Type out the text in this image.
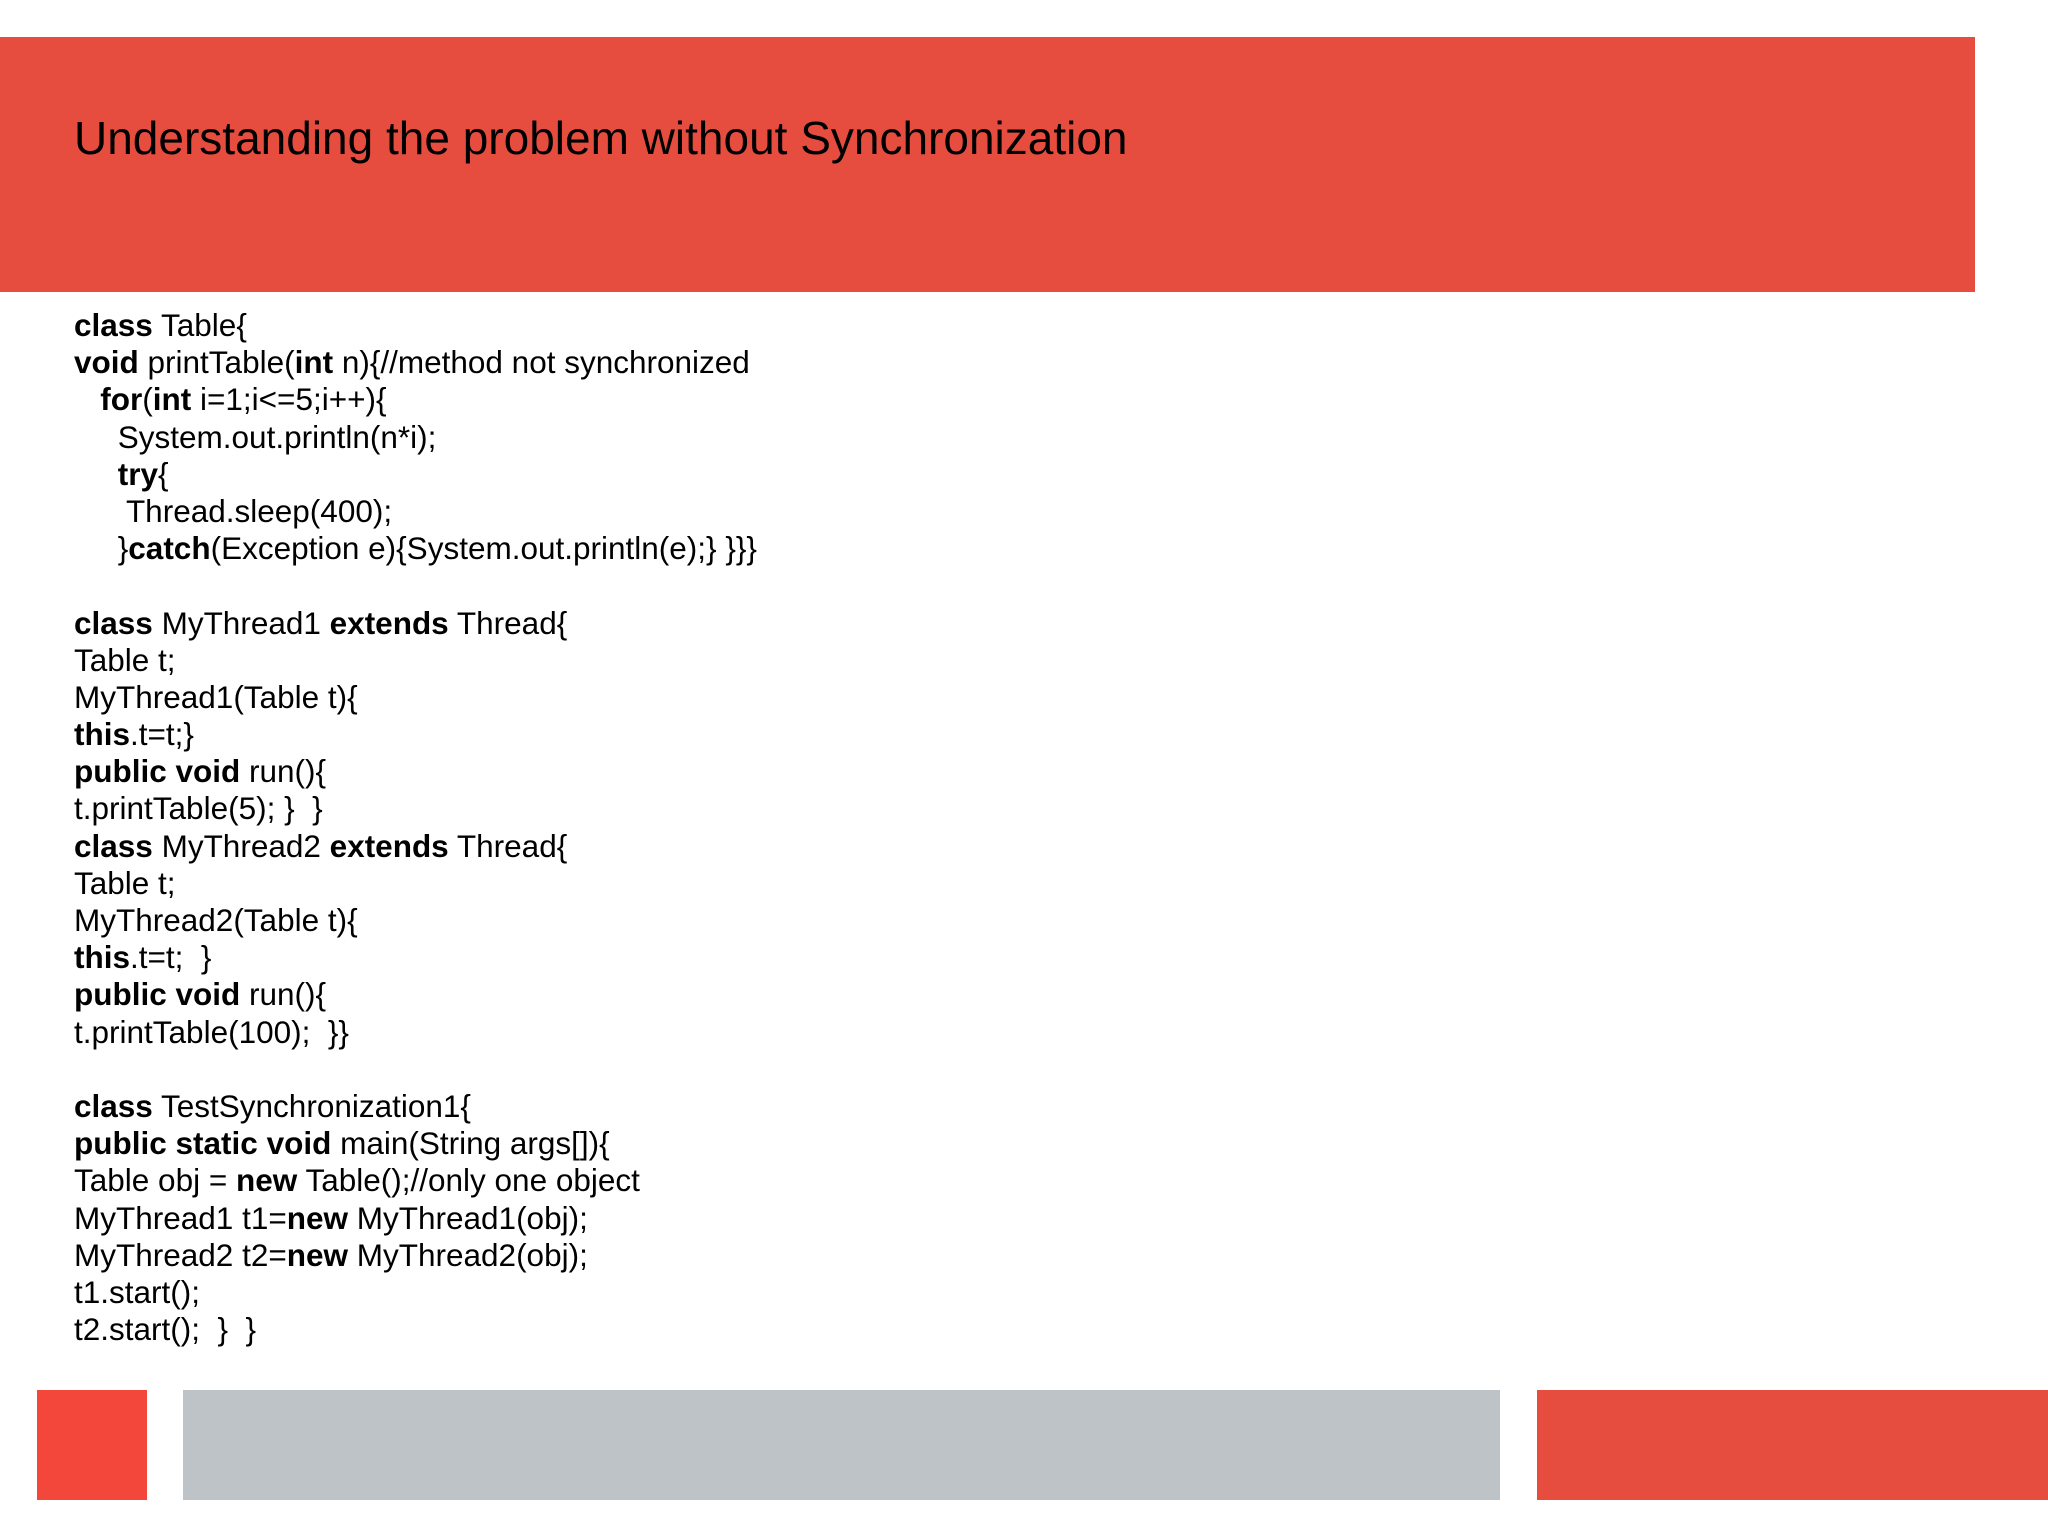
Understanding the problem without Synchronization
class Table{
void printTable(int n){//method not synchronized
for(int i=1;i<=5;i++){
System.out.println(n*i);
try{
Thread.sleep(400);
}catch(Exception e){System.out.println(e);} }}}
class MyThread1 extends Thread{
Table t;
MyThread1(Table t){
this.t=t;}
public void run(){
t.printTable(5); }  }
class MyThread2 extends Thread{
Table t;
MyThread2(Table t){
this.t=t;  }
public void run(){
t.printTable(100);  }}
class TestSynchronization1{
public static void main(String args[]){
Table obj = new Table();//only one object
MyThread1 t1=new MyThread1(obj);
MyThread2 t2=new MyThread2(obj);
t1.start();
t2.start();  }  }
